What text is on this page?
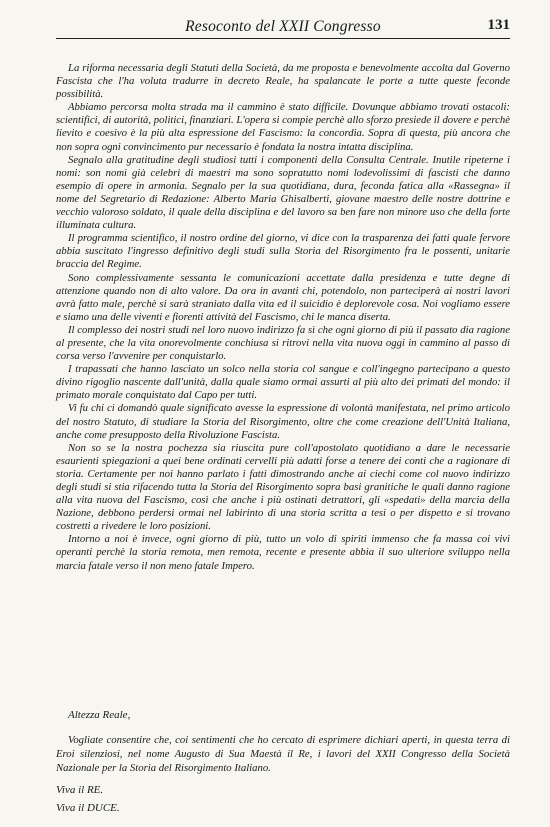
Resoconto del XXII Congresso	131

La riforma necessaria degli Statuti della Società, da me proposta e benevolmente accolta dal Governo Fascista che l'ha voluta tradurre in decreto Reale, ha spalancate le porte a tutte queste feconde possibilità.

Abbiamo percorsa molta strada ma il cammino è stato difficile. Dovunque abbiamo trovati ostacoli: scientifici, di autorità, politici, finanziari. L'opera si compie perchè allo sforzo presiede il dovere e perchè lievito e coesivo è la più alta espressione del Fascismo: la concordia. Sopra di questa, più ancora che non sopra ogni convincimento pur necessario è fondata la nostra intatta disciplina.

Segnalo alla gratitudine degli studiosi tutti i componenti della Consulta Centrale. Inutile ripeterne i nomi: son nomi già celebri di maestri ma sono sopratutto nomi lodevolissimi di fascisti che danno esempio di opere in armonia. Segnalo per la sua quotidiana, dura, feconda fatica alla «Rassegna» il nome del Segretario di Redazione: Alberto Maria Ghisalberti, giovane maestro delle nostre dottrine e vecchio valoroso soldato, il quale della disciplina e del lavoro sa ben fare non minore uso che della forte illuminata cultura.

Il programma scientifico, il nostro ordine del giorno, vi dice con la trasparenza dei fatti quale fervore abbia suscitato l'ingresso definitivo degli studi sulla Storia del Risorgimento fra le possenti, unitarie braccia del Regime.

Sono complessivamente sessanta le comunicazioni accettate dalla presidenza e tutte degne di attenzione quando non di alto valore. Da ora in avanti chi, potendolo, non parteciperà ai nostri lavori avrà fatto male, perchè si sarà straniato dalla vita ed il suicidio è deplorevole cosa. Noi vogliamo essere e siamo una delle viventi e fiorenti attività del Fascismo, chi le manca diserta.

Il complesso dei nostri studi nel loro nuovo indirizzo fa sì che ogni giorno di più il passato dia ragione al presente, che la vita onorevolmente conchiusa si ritrovi nella vita nuova oggi in cammino al passo di corsa verso l'avvenire per conquistarlo.

I trapassati che hanno lasciato un solco nella storia col sangue e coll'ingegno partecipano a questo divino rigoglio nascente dall'unità, dalla quale siamo ormai assurti al più alto dei primati del mondo: il primato morale conquistato dal Capo per tutti.

Vi fu chi ci domandò quale significato avesse la espressione di volontà manifestata, nel primo articolo del nostro Statuto, di studiare la Storia del Risorgimento, oltre che come creazione dell'Unità Italiana, anche come presupposto della Rivoluzione Fascista.

Non so se la nostra pochezza sia riuscita pure coll'apostolato quotidiano a dare le necessarie esaurienti spiegazioni a quei bene ordinati cervelli più adatti forse a tenere dei conti che a ragionare di storia. Certamente per noi hanno parlato i fatti dimostrando anche ai ciechi come col nuovo indirizzo degli studi si stia rifacendo tutta la Storia del Risorgimento sopra basi granitiche le quali danno ragione alla vita nuova del Fascismo, così che anche i più ostinati detrattori, gli «spedati» della marcia della Nazione, debbono perdersi ormai nel labirinto di una storia scritta a tesi o per dispetto e si trovano costretti a rivedere le loro posizioni.

Intorno a noi è invece, ogni giorno di più, tutto un volo di spiriti immenso che fa massa coi vivi operanti perchè la storia remota, men remota, recente e presente abbia il suo ulteriore sviluppo nella marcia fatale verso il non meno fatale Impero.

Altezza Reale,
Vogliate consentire che, coi sentimenti che ho cercato di esprimere dichiari aperti, in questa terra di Eroi silenziosi, nel nome Augusto di Sua Maestà il Re, i lavori del XXII Congresso della Società Nazionale per la Storia del Risorgimento Italiano.
Viva il RE.
Viva il DUCE.
